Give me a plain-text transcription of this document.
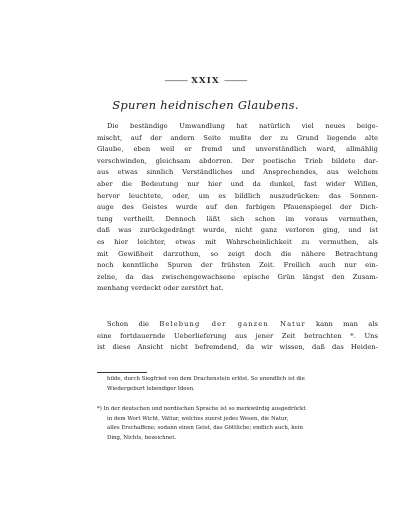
——— XXIX ———
Spuren heidnischen Glaubens.
Die beständige Umwandlung hat natürlich viel neues beige-
mischt, auf der andern Seite mußte der zu Grund liegende alte
Glaube, eben weil er fremd und unverständlich ward, allmählig
verschwinden, gleichsam abdorren. Der poetische Trieb bildete dar-
aus etwas sinnlich Verständliches und Ansprechendes, aus welchem
aber die Bedeutung nur hier und da dunkel, fast wider Willen,
hervor leuchtete, oder, um es bildlich auszudrücken: das Sonnen-
auge des Geistes wurde auf den farbigen Pfauenspiegel der Dich-
tung vertheilt. Dennoch läßt sich schon im voraus vermuthen,
daß was zurückgedrängt wurde, nicht ganz verloren ging, und ist
es hier leichter, etwas mit Wahrscheinlichkeit zu vermuthen, als
mit Gewißheit darzuthun, so zeigt doch die nähere Betrachtung
noch kenntliche Spuren der frühsten Zeit. Freilich auch nur ein-
zelne, da das zwischengewachsene epische Grün längst den Zusam-
menhang verdeckt oder zerstört hat.
Schon die Belebung der ganzen Natur kann man als
eine fortdauernde Ueberlieferung aus jener Zeit betrachten *. Uns
ist diese Ansicht nicht befremdend, da wir wissen, daß das Heiden-
hilde, durch Siegfried von dem Drachenstein erlöst. So unendlich ist die
Wiedergeburt lebendiger Ideen.
*) In der deutschen und nordischen Sprache ist so merkwürdig ausgedrückt
in dem Wort Wicht, Vättur, welches zuerst jedes Wesen, die Natur,
alles Erschaffene; sodann einen Geist, das Göttliche; endlich auch, kein
Ding, Nichts, bezeichnet.
